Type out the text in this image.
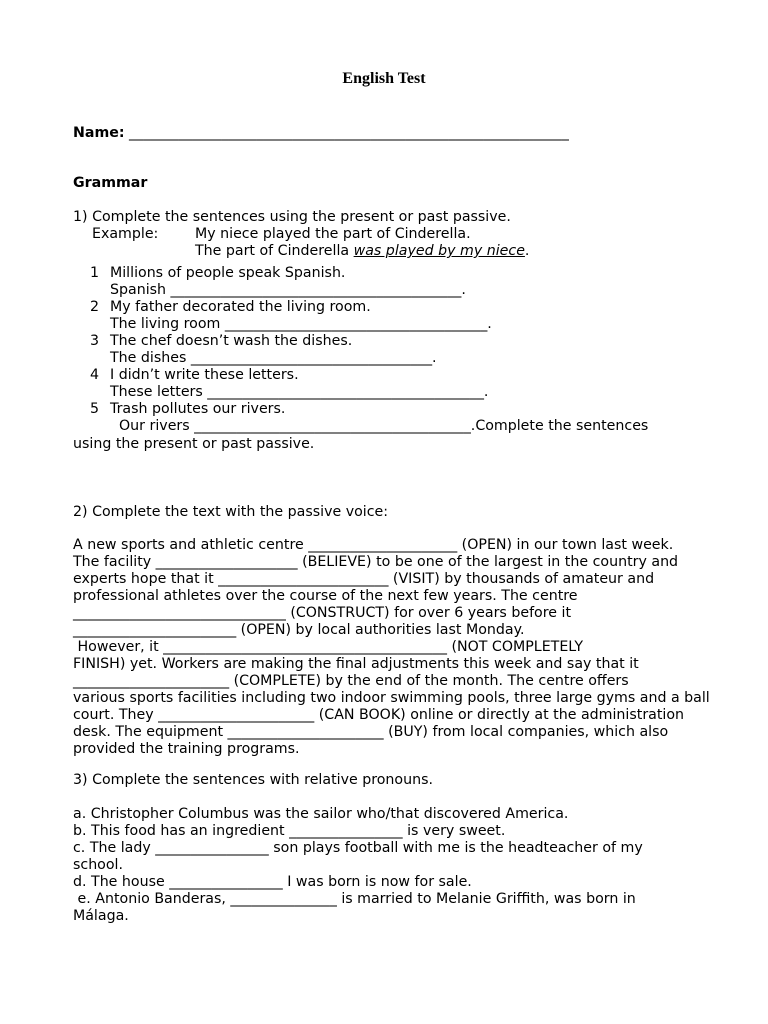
English Test
Name: ______________________________________________________________
Grammar
1) Complete the sentences using the present or past passive.
Example:	My niece played the part of Cinderella.
The part of Cinderella was played by my niece.
1 Millions of people speak Spanish.
Spanish _________________________________________.
2 My father decorated the living room.
The living room _____________________________________.
3 The chef doesn’t wash the dishes.
The dishes __________________________________.
4 I didn’t write these letters.
These letters _______________________________________.
5 Trash pollutes our rivers.
Our rivers _______________________________________.Complete the sentences
using the present or past passive.
2) Complete the text with the passive voice:
A new sports and athletic centre _____________________ (OPEN) in our town last week.
The facility ____________________ (BELIEVE) to be one of the largest in the country and
experts hope that it ________________________ (VISIT) by thousands of amateur and
professional athletes over the course of the next few years. The centre
______________________________ (CONSTRUCT) for over 6 years before it
_______________________ (OPEN) by local authorities last Monday.
However, it ________________________________________ (NOT COMPLETELY
FINISH) yet. Workers are making the final adjustments this week and say that it
______________________ (COMPLETE) by the end of the month. The centre offers
various sports facilities including two indoor swimming pools, three large gyms and a ball
court. They ______________________ (CAN BOOK) online or directly at the administration
desk. The equipment ______________________ (BUY) from local companies, which also
provided the training programs.
3) Complete the sentences with relative pronouns.
a. Christopher Columbus was the sailor who/that discovered America.
b. This food has an ingredient ________________ is very sweet.
c. The lady ________________ son plays football with me is the headteacher of my
school.
d. The house ________________ I was born is now for sale.
e. Antonio Banderas, _______________ is married to Melanie Griffith, was born in
Málaga.
